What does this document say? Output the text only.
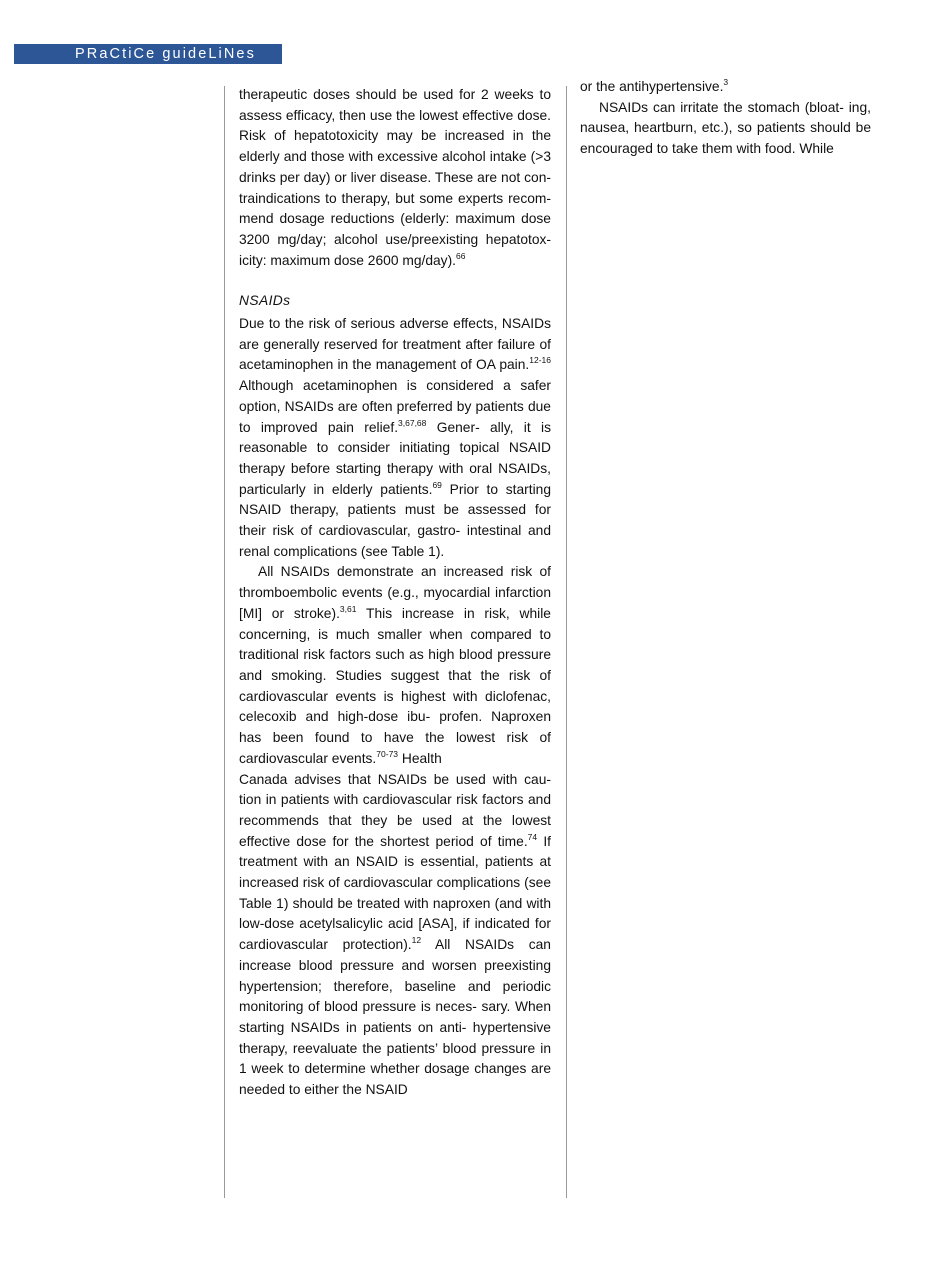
PRaCtiCe guideLiNes

therapeutic doses should be used for 2 weeks to assess efficacy, then use the lowest effective dose. Risk of hepatotoxicity may be increased in the elderly and those with excessive alcohol intake (>3 drinks per day) or liver disease. These are not con- traindications to therapy, but some experts recom- mend dosage reductions (elderly: maximum dose 3200 mg/day; alcohol use/preexisting hepatotox- icity: maximum dose 2600 mg/day).$^{66}$

NSAIDs

Due to the risk of serious adverse effects, NSAIDs are generally reserved for treatment after failure of acetaminophen in the management of OA pain.$^{12-16}$ Although acetaminophen is considered a safer option, NSAIDs are often preferred by patients due to improved pain relief.$^{3,67,68}$ Gener- ally, it is reasonable to consider initiating topical NSAID therapy before starting therapy with oral NSAIDs, particularly in elderly patients.$^{69}$ Prior to starting NSAID therapy, patients must be assessed for their risk of cardiovascular, gastro- intestinal and renal complications (see Table 1).

All NSAIDs demonstrate an increased risk of thromboembolic events (e.g., myocardial infarction [MI] or stroke).$^{3,61}$ This increase in risk, while concerning, is much smaller when compared to traditional risk factors such as high blood pressure and smoking. Studies suggest that the risk of cardiovascular events is highest with diclofenac, celecoxib and high-dose ibu- profen. Naproxen has been found to have the lowest risk of cardiovascular events.$^{70-73}$ Health

Canada advises that NSAIDs be used with cau- tion in patients with cardiovascular risk factors and recommends that they be used at the lowest effective dose for the shortest period of time.$^{74}$ If treatment with an NSAID is essential, patients at increased risk of cardiovascular complications (see Table 1) should be treated with naproxen (and with low-dose acetylsalicylic acid [ASA], if indicated for cardiovascular protection).$^{12}$ All NSAIDs can increase blood pressure and worsen preexisting hypertension; therefore, baseline and periodic monitoring of blood pressure is neces- sary. When starting NSAIDs in patients on anti- hypertensive therapy, reevaluate the patients’ blood pressure in 1 week to determine whether dosage changes are needed to either the NSAID

or the antihypertensive.$^3$

NSAIDs can irritate the stomach (bloat- ing, nausea, heartburn, etc.), so patients should be encouraged to take them with food. While
